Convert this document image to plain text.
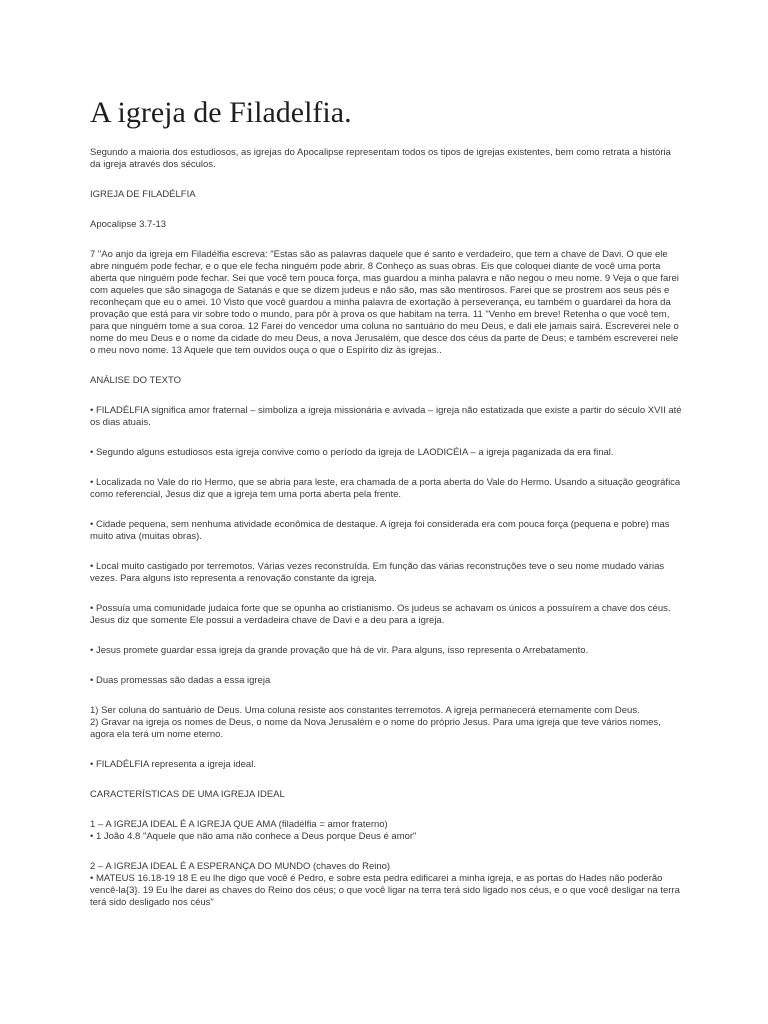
A igreja de Filadelfia.

Segundo a maioria dos estudiosos, as igrejas do Apocalipse representam todos os tipos de igrejas existentes, bem como retrata a história da igreja através dos séculos.

IGREJA DE FILADÉLFIA

Apocalipse 3.7-13

7 "Ao anjo da igreja em Filadélfia escreva: "Estas são as palavras daquele que é santo e verdadeiro, que tem a chave de Davi. O que ele abre ninguém pode fechar, e o que ele fecha ninguém pode abrir. 8 Conheço as suas obras. Eis que coloquei diante de você uma porta aberta que ninguém pode fechar. Sei que você tem pouca força, mas guardou a minha palavra e não negou o meu nome. 9 Veja o que farei com aqueles que são sinagoga de Satanás e que se dizem judeus e não são, mas são mentirosos. Farei que se prostrem aos seus pés e reconheçam que eu o amei. 10 Visto que você guardou a minha palavra de exortação à perseverança, eu também o guardarei da hora da provação que está para vir sobre todo o mundo, para pôr à prova os que habitam na terra. 11 "Venho em breve! Retenha o que você tem, para que ninguém tome a sua coroa. 12 Farei do vencedor uma coluna no santuário do meu Deus, e dali ele jamais sairá. Escreverei nele o nome do meu Deus e o nome da cidade do meu Deus, a nova Jerusalém, que desce dos céus da parte de Deus; e também escreverei nele o meu novo nome. 13 Aquele que tem ouvidos ouça o que o Espírito diz às igrejas..

ANÁLISE DO TEXTO

• FILADÉLFIA significa amor fraternal – simboliza a igreja missionária e avivada – igreja não estatizada que existe a partir do século XVII até os dias atuais.

• Segundo alguns estudiosos esta igreja convive como o período da igreja de LAODICÉIA – a igreja paganizada da era final.

• Localizada no Vale do rio Hermo, que se abria para leste, era chamada de a porta aberta do Vale do Hermo. Usando a situação geográfica como referencial, Jesus diz que a igreja tem uma porta aberta pela frente.

• Cidade pequena, sem nenhuma atividade econômica de destaque. A igreja foi considerada era com pouca força (pequena e pobre) mas muito ativa (muitas obras).

• Local muito castigado por terremotos. Várias vezes reconstruída. Em função das várias reconstruções teve o seu nome mudado várias vezes. Para alguns isto representa a renovação constante da igreja.

• Possuía uma comunidade judaica forte que se opunha ao cristianismo. Os judeus se achavam os únicos a possuírem a chave dos céus. Jesus diz que somente Ele possui a verdadeira chave de Davi e a deu para a igreja.

• Jesus promete guardar essa igreja da grande provação que há de vir. Para alguns, isso representa o Arrebatamento.

• Duas promessas são dadas a essa igreja

1) Ser coluna do santuário de Deus. Uma coluna resiste aos constantes terremotos. A igreja permanecerá eternamente com Deus.

2) Gravar na igreja os nomes de Deus, o nome da Nova Jerusalém e o nome do próprio Jesus. Para uma igreja que teve vários nomes, agora ela terá um nome eterno.

• FILADÉLFIA representa a igreja ideal.

CARACTERÍSTICAS DE UMA IGREJA IDEAL

1 – A IGREJA IDEAL É A IGREJA QUE AMA (filadélfia = amor fraterno)

• 1 João 4.8 "Aquele que não ama não conhece a Deus porque Deus é amor"

2 – A IGREJA IDEAL É A ESPERANÇA DO MUNDO (chaves do Reino)

• MATEUS 16.18-19 18 E eu lhe digo que você é Pedro, e sobre esta pedra edificarei a minha igreja, e as portas do Hades não poderão vencê-la{3}. 19 Eu lhe darei as chaves do Reino dos céus; o que você ligar na terra terá sido ligado nos céus, e o que você desligar na terra terá sido desligado nos céus"
